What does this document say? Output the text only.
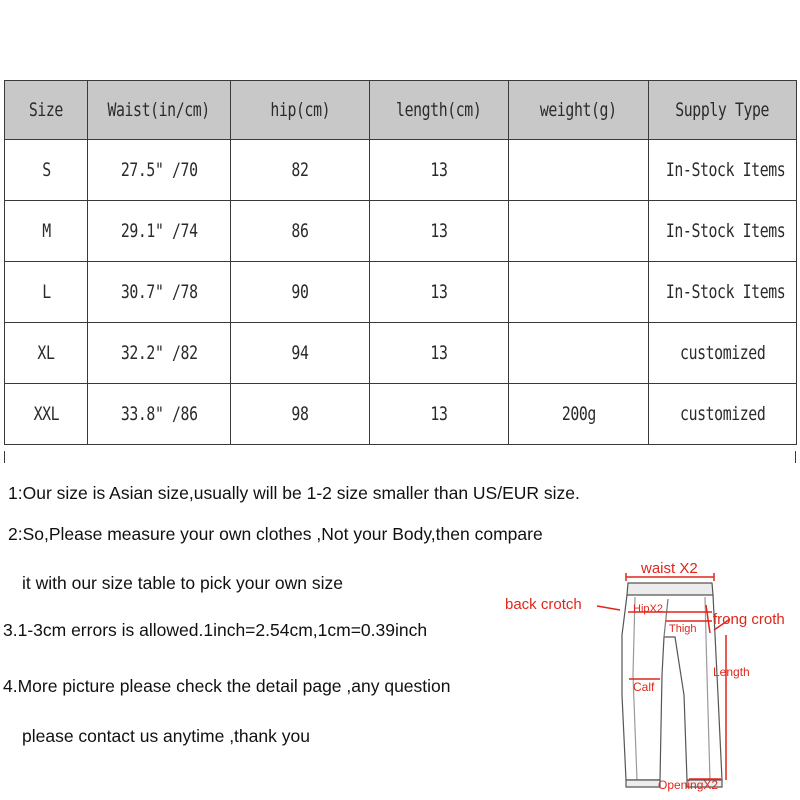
Size	Waist(in/cm)	hip(cm)	length(cm)	weight(g)	Supply Type
S	27.5" /70	82	13		In-Stock Items
M	29.1" /74	86	13		In-Stock Items
L	30.7" /78	90	13		In-Stock Items
XL	32.2" /82	94	13		customized
XXL	33.8" /86	98	13	200g	customized
1:Our size is Asian size,usually will be 1-2 size smaller than US/EUR size.
2:So,Please measure your own clothes ,Not your Body,then compare
it with our size table to pick your own size
3.1-3cm errors is allowed.1inch=2.54cm,1cm=0.39inch
4.More picture please check the detail page ,any question
please contact us anytime ,thank you
waist X2
back crotch	HipX2
frong croth
Thigh
Length
Calf
OpeningX2
